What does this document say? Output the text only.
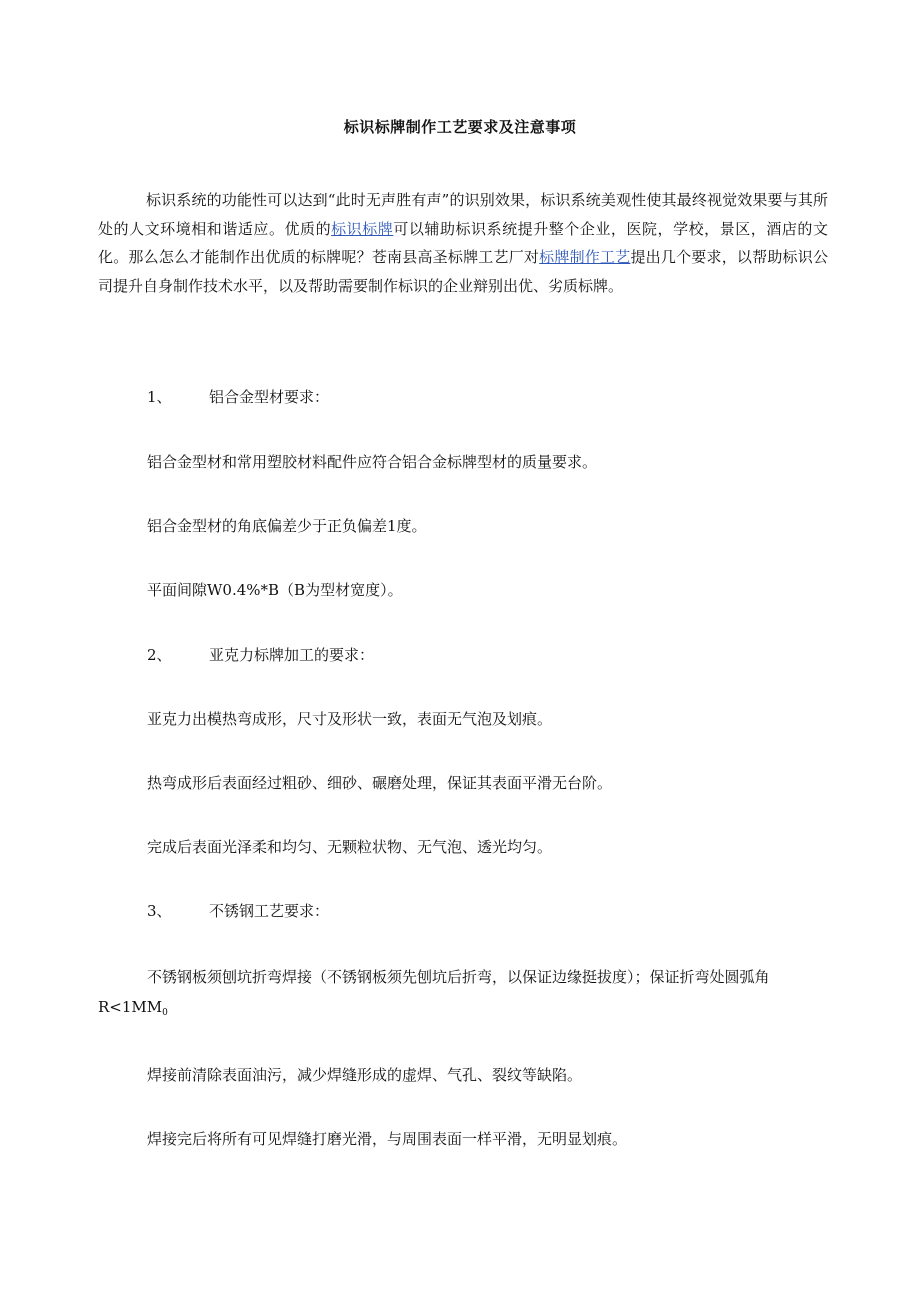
标识标牌制作工艺要求及注意事项

标识系统的功能性可以达到“此时无声胜有声”的识别效果，标识系统美观性使其最终视觉效果要与其所处的人文环境相和谐适应。优质的标识标牌可以辅助标识系统提升整个企业，医院，学校，景区，酒店的文化。那么怎么才能制作出优质的标牌呢？苍南县高圣标牌工艺厂对标牌制作工艺提出几个要求，以帮助标识公司提升自身制作技术水平，以及帮助需要制作标识的企业辩别出优、劣质标牌。

1、 铝合金型材要求：

铝合金型材和常用塑胶材料配件应符合铝合金标牌型材的质量要求。

铝合金型材的角底偏差少于正负偏差1度。

平面间隙W0.4%*B（B为型材宽度）。

2、 亚克力标牌加工的要求：

亚克力出模热弯成形，尺寸及形状一致，表面无气泡及划痕。

热弯成形后表面经过粗砂、细砂、碾磨处理，保证其表面平滑无台阶。

完成后表面光泽柔和均匀、无颗粒状物、无气泡、透光均匀。

3、 不锈钢工艺要求：

不锈钢板须刨坑折弯焊接（不锈钢板须先刨坑后折弯，以保证边缘挺拔度）；保证折弯处圆弧角 $R<1MM_0$

焊接前清除表面油污，减少焊缝形成的虚焊、气孔、裂纹等缺陷。

焊接完后将所有可见焊缝打磨光滑，与周围表面一样平滑，无明显划痕。
